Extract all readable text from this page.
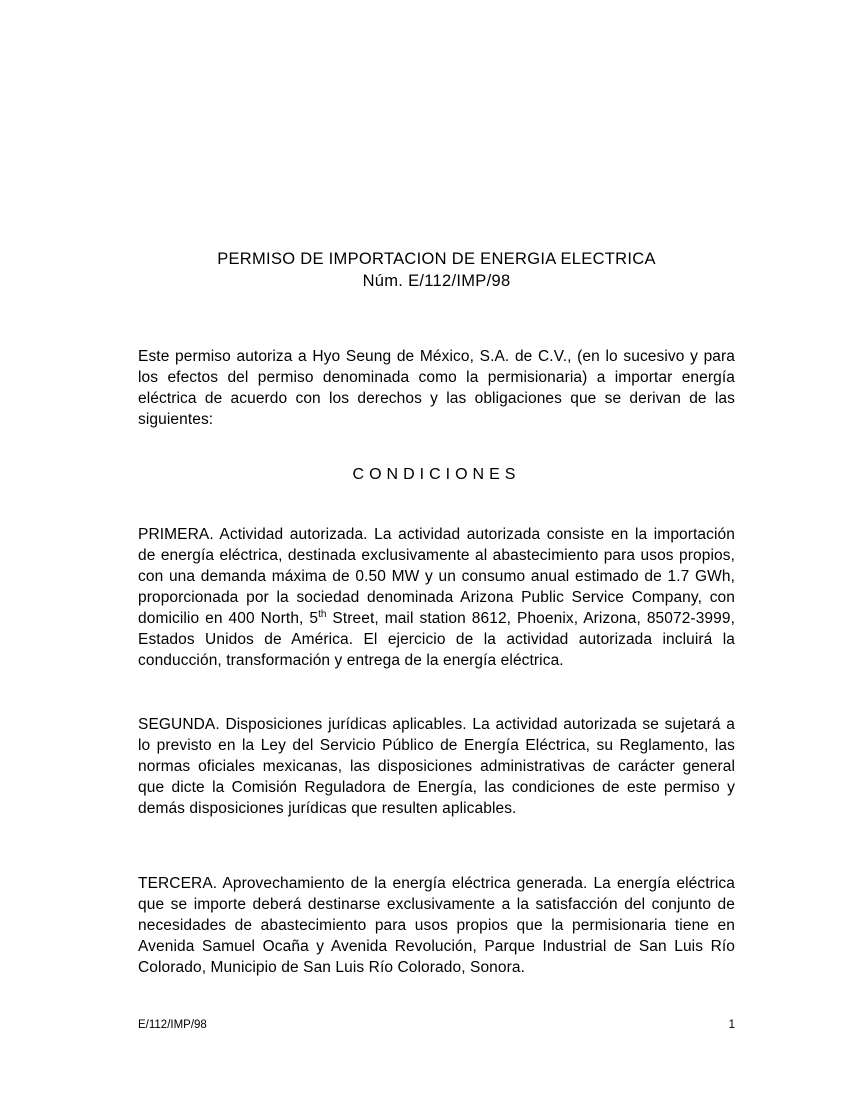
PERMISO DE IMPORTACION DE ENERGIA ELECTRICA
Núm. E/112/IMP/98

Este permiso autoriza a Hyo Seung de México, S.A. de C.V., (en lo sucesivo y para los efectos del permiso denominada como la permisionaria) a importar energía eléctrica de acuerdo con los derechos y las obligaciones que se derivan de las siguientes:

CONDICIONES

PRIMERA. Actividad autorizada. La actividad autorizada consiste en la importación de energía eléctrica, destinada exclusivamente al abastecimiento para usos propios, con una demanda máxima de 0.50 MW y un consumo anual estimado de 1.7 GWh, proporcionada por la sociedad denominada Arizona Public Service Company, con domicilio en 400 North, 5th Street, mail station 8612, Phoenix, Arizona, 85072-3999, Estados Unidos de América. El ejercicio de la actividad autorizada incluirá la conducción, transformación y entrega de la energía eléctrica.

SEGUNDA. Disposiciones jurídicas aplicables. La actividad autorizada se sujetará a lo previsto en la Ley del Servicio Público de Energía Eléctrica, su Reglamento, las normas oficiales mexicanas, las disposiciones administrativas de carácter general que dicte la Comisión Reguladora de Energía, las condiciones de este permiso y demás disposiciones jurídicas que resulten aplicables.

TERCERA. Aprovechamiento de la energía eléctrica generada. La energía eléctrica que se importe deberá destinarse exclusivamente a la satisfacción del conjunto de necesidades de abastecimiento para usos propios que la permisionaria tiene en Avenida Samuel Ocaña y Avenida Revolución, Parque Industrial de San Luis Río Colorado, Municipio de San Luis Río Colorado, Sonora.

E/112/IMP/98	1
